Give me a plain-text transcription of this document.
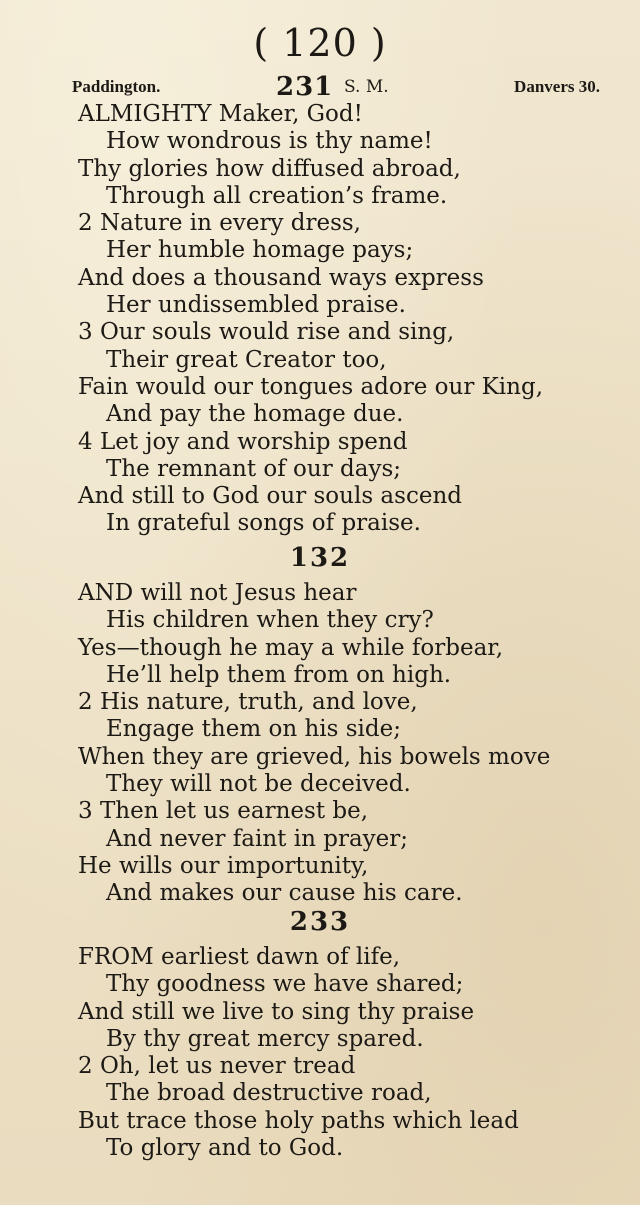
( 120 )
Paddington.	231 S. M.	Danvers 30.
ALMIGHTY Maker, God!
How wondrous is thy name!
Thy glories how diffused abroad,
Through all creation’s frame.
2 Nature in every dress,
Her humble homage pays;
And does a thousand ways express
Her undissembled praise.
3 Our souls would rise and sing,
Their great Creator too,
Fain would our tongues adore our King,
And pay the homage due.
4 Let joy and worship spend
The remnant of our days;
And still to God our souls ascend
In grateful songs of praise.
132
AND will not Jesus hear
His children when they cry?
Yes—though he may a while forbear,
He’ll help them from on high.
2 His nature, truth, and love,
Engage them on his side;
When they are grieved, his bowels move
They will not be deceived.
3 Then let us earnest be,
And never faint in prayer;
He wills our importunity,
And makes our cause his care.
233
FROM earliest dawn of life,
Thy goodness we have shared;
And still we live to sing thy praise
By thy great mercy spared.
2 Oh, let us never tread
The broad destructive road,
But trace those holy paths which lead
To glory and to God.
